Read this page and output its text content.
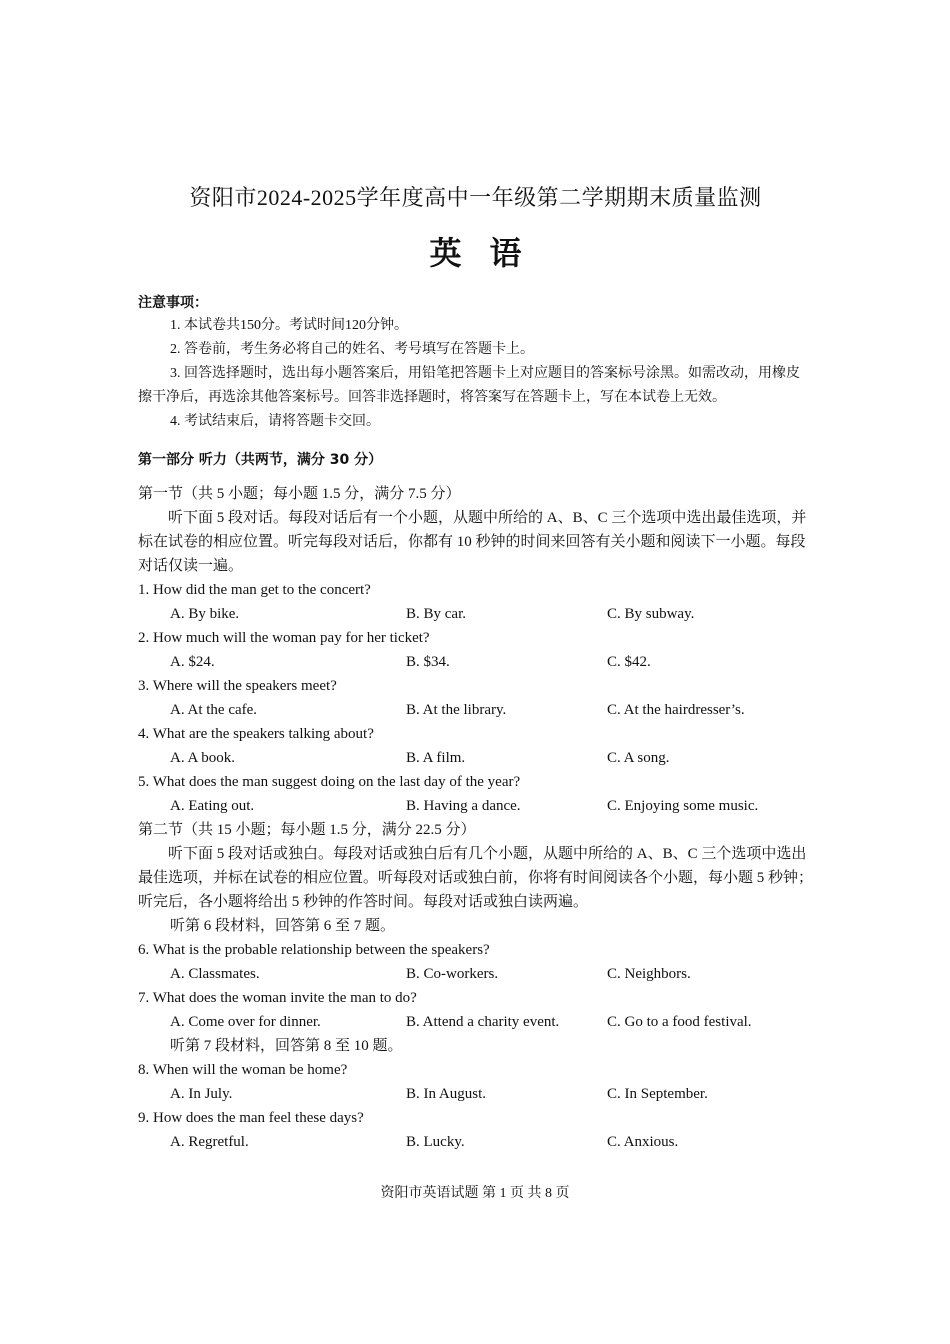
资阳市2024-2025学年度高中一年级第二学期期末质量监测
英 语
注意事项：

1. 本试卷共150分。考试时间120分钟。

2. 答卷前，考生务必将自己的姓名、考号填写在答题卡上。

3. 回答选择题时，选出每小题答案后，用铅笔把答题卡上对应题目的答案标号涂黑。如需改动，用橡皮擦干净后，再选涂其他答案标号。回答非选择题时，将答案写在答题卡上，写在本试卷上无效。

4. 考试结束后，请将答题卡交回。

第一部分 听力（共两节，满分 30 分）
第一节（共 5 小题；每小题 1.5 分，满分 7.5 分）

听下面 5 段对话。每段对话后有一个小题，从题中所给的 A、B、C 三个选项中选出最佳选项，并标在试卷的相应位置。听完每段对话后，你都有 10 秒钟的时间来回答有关小题和阅读下一小题。每段对话仅读一遍。

1. How did the man get to the concert?

A. By bike.	B. By car.	C. By subway.

2. How much will the woman pay for her ticket?

A. $24.	B. $34.	C. $42.

3. Where will the speakers meet?

A. At the cafe.	B. At the library.	C. At the hairdresser’s.

4. What are the speakers talking about?

A. A book.	B. A film.	C. A song.

5. What does the man suggest doing on the last day of the year?

A. Eating out.	B. Having a dance.	C. Enjoying some music.
第二节（共 15 小题；每小题 1.5 分，满分 22.5 分）

听下面 5 段对话或独白。每段对话或独白后有几个小题，从题中所给的 A、B、C 三个选项中选出最佳选项，并标在试卷的相应位置。听每段对话或独白前，你将有时间阅读各个小题，每小题 5 秒钟；听完后，各小题将给出 5 秒钟的作答时间。每段对话或独白读两遍。

听第 6 段材料，回答第 6 至 7 题。

6. What is the probable relationship between the speakers?

A. Classmates.	B. Co-workers.	C. Neighbors.

7. What does the woman invite the man to do?

A. Come over for dinner.	B. Attend a charity event.	C. Go to a food festival.

听第 7 段材料，回答第 8 至 10 题。

8. When will the woman be home?

A. In July.	B. In August.	C. In September.

9. How does the man feel these days?

A. Regretful.	B. Lucky.	C. Anxious.
资阳市英语试题 第 1 页 共 8 页
